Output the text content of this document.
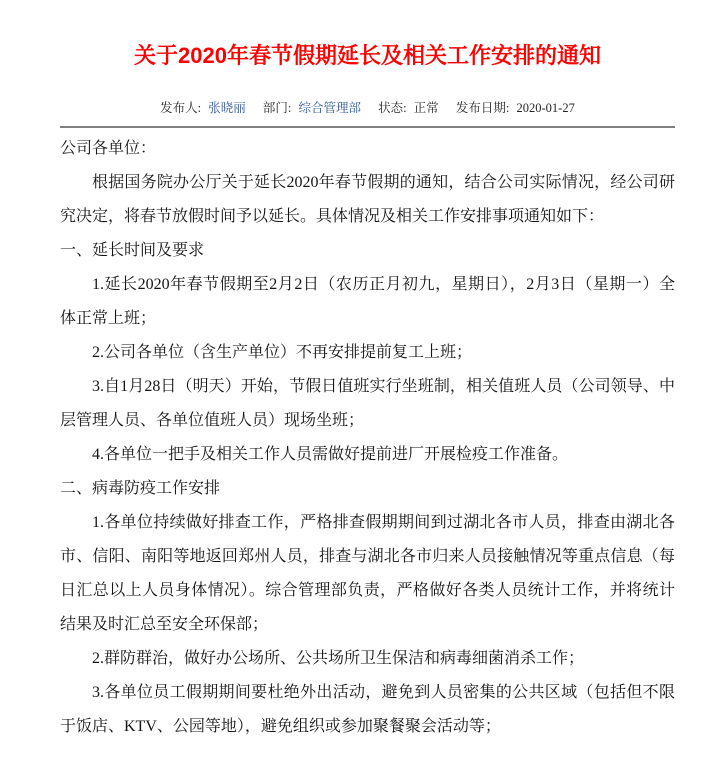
关于2020年春节假期延长及相关工作安排的通知
发布人: 张晓丽 部门: 综合管理部 状态: 正常 发布日期: 2020-01-27
公司各单位：
根据国务院办公厅关于延长2020年春节假期的通知，结合公司实际情况，经公司研
究决定，将春节放假时间予以延长。具体情况及相关工作安排事项通知如下：
一、延长时间及要求
1.延长2020年春节假期至2月2日（农历正月初九，星期日），2月3日（星期一）全
体正常上班；
2.公司各单位（含生产单位）不再安排提前复工上班；
3.自1月28日（明天）开始，节假日值班实行坐班制，相关值班人员（公司领导、中
层管理人员、各单位值班人员）现场坐班；
4.各单位一把手及相关工作人员需做好提前进厂开展检疫工作准备。
二、病毒防疫工作安排
1.各单位持续做好排查工作，严格排查假期期间到过湖北各市人员，排查由湖北各
市、信阳、南阳等地返回郑州人员，排查与湖北各市归来人员接触情况等重点信息（每
日汇总以上人员身体情况）。综合管理部负责，严格做好各类人员统计工作，并将统计
结果及时汇总至安全环保部；
2.群防群治，做好办公场所、公共场所卫生保洁和病毒细菌消杀工作；
3.各单位员工假期期间要杜绝外出活动，避免到人员密集的公共区域（包括但不限
于饭店、KTV、公园等地），避免组织或参加聚餐聚会活动等；
